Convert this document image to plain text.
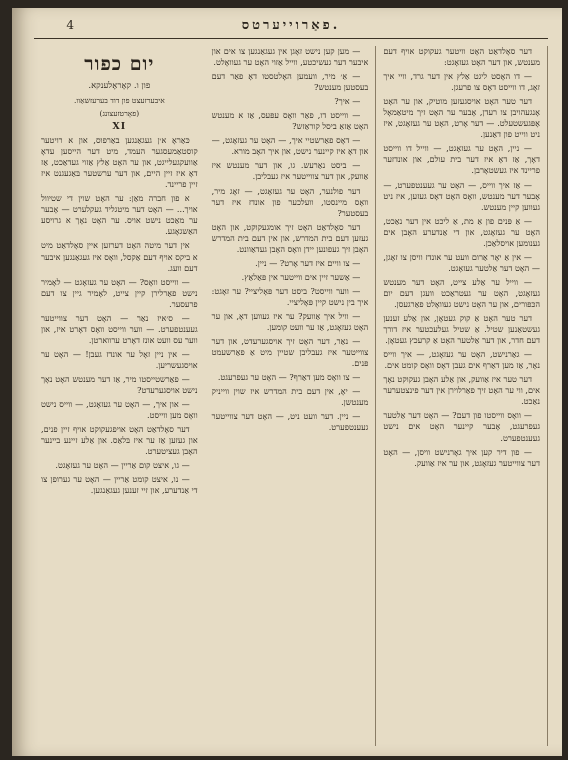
4	פאַרוייערטס.
יום כפור
פון ו. קאָראָלענקא.
איבערזעצט פון דוד בערעזשאַוו.
(פאָרטזעצונג)
XI

כּאַראָ א׳ן געגאַנגען באַרפוס, און א רויטער קוסטאַמעסגער העמד, מיט דער הייסען עדאָ אַוועקגעלייגט, און ער האָט אַלץ אַזוי געדאַכט, אַז דאָ איז זיין היים, און דער ערשטער בּאַגעגנט איז זיין פריינד.

א פון חברה מאַן: ער האָט שוין די שטיוול אויך... — האָט דער מיטגליד געקלערט — אָבער ער מאַכט נישט אויס. ער האָט נאָך א גרויסע האַשגאָגע.

אין דער מיטה האָט דערזען איין סאָלדאַט מיט א ביקס אויף דעם אַקסל, וואָס איז געגאַנגען איבער דעם וועג.

— ווייסט וואָס? — האָט ער געזאָגט — לאָמיר נישט פאַרלירן קיין צייט, לאָמיר גיין צו דעם פרעסער.

— ס׳איז נאַר — האָט דער צווייטער געענטפערט. — ווער ווייסט וואָס דאָרט איז, און ווער עס וועט אונז דאָרט ערווארטן.

— אין ניין זאָל ער אונדז געבן! — האָט ער אויסגעשריען.

— פאַרשטייסטו מיר, אַז דער מענטש האָט נאָך נישט אויסגערעדט?

— און איך, — האָט ער געזאָגט, — ווייס נישט וואָס מען ווייסט.

דער סאָלדאַט האָט אויפגעקוקט אויף זיין פנים, און געזען אַז ער איז בּלאַס. און אַלע זיינע ביינער האָבן געציטערט.

— גו, איצט קום אַריין — האָט ער געזאָגט.

— נו, איצט קומט אַריין — האָט ער גערופן צו די אַנדערע, און זיי זענען געגאַנגען.

— מען קען נישט זאָגן אין געגאַנגען צו אים און איבער דער געשיכטע, ווייל אַזוי האָט ער געוואָלט.

— אַ׳ מיר, וועמען האָלטסטו דאָ פאַר דעם בעסטען מענטש?

— איך?

— ווייסט דו, פאַר וואָס עפּעס, אַז א מענטש האָט אַזאַ ביסל קוראַזש?

— דאָס פאַרשטיי איך, — האָט ער געזאָגט, — און דאָ איז קיינער נישט, און איך האָב מורא.

— ביסט נאַרעש. גו, און דער מענטש איז אַוועק, און דער צווייטער איז געבליבן.

דער פולנער, האָט ער געזאָגט, — זאָג מיר, וואָס מיינסטו, וועלכער פון אונדז איז דער בעסטער?

דער סאָלדאַט האָט זיך אומגעקוקט, און האָט געזען דעם בית המדרש, און אין דעם בית המדרש האָבן זיך געפונען יידן וואָס האָבן געדאַוונט.

— צו וויים איז דער אָרט? — ניין.

— אַשער זיין אים ווייטער אין פּאַלאַץ.

— ווער ווייסט? ביסט דער פּאָליציי? ער זאָגט: איך בין נישט קיין פּאָליציי.

— וויל איך אַוועק? ער איז געווען דאָ, און ער האָט געזאָגט, אַז ער וועט קומען.

— נאַר, דער האָט זיך אויסגערעדט, און דער צווייטער איז געבליבן שטיין מיט אַ פאַרשעמט פּנים.

— צו וואָס מען דאַרף? — האָט ער געפרעגט.

— יאָ, אין דעם בית המדרש איז שוין ווייניק מענטשן.

— ניין. דער וועט ניט, — האָט דער צווייטער געענטפערט.

דער סאָלדאַט האָט וויטער געקוקט אויף דעם מענטש, און דער האָט געזאָגט:

— דו האָסט ליגט אַלץ אין דער גרד, וויי איך זאָג, דו ווייסט דאָס צו פרעגן.

דער טער האָט אויסגעזען מוטיק, און ער האָט אָנגעהויבן צו רעדן, אָבער ער האָט זיך מיטאַמאָל אָפּגעשטעלט. — דער אָרט, האָט ער געזאָגט, איז ניט ווייט פון דאַנען.

— ניין, האָט ער געזאָגט, — ווייל דו ווייסט דאָך, אַז דאָ איז דער בית עולם, און אונדזער פריינד איז געשטאָרבן.

— אַז איך ווייס, — האָט ער געענטפערט, — אָבער דער מענטש, וואָס האָט דאָס געזען, איז ניט געווען קיין מענטש.

— אַ פּנים פון אַ מת, אַ ליכט אין דער נאַכט, האָט ער געזאָגט, און די אַנדערע האָבן אים גענומען אויסלאַכן.

— אין אַ יאָר אַרום וועט ער אונדז וויסן צו זאָגן, — האָט דער אַלטער געזאָגט.

— ווייל ער אַלע צייט, האָט דער מענטש געזאָגט, האָט ער געטראַכט וועגן דעם יום הכּפּורים, און ער האָט נישט געוואָלט פאַרגעסן.

דער טער האָט אַ קוק געטאָן, און אַלע זענען געשטאַנען שטיל. אַ שטיל געלעכטער איז דורך דעם חדר, און דער אַלטער האָט אַ קרעכץ געטאָן.

— גאַרנישט, האָט ער געזאָגט, — איך ווייס נאָר, אַז מען דאַרף אים געבן דאָס וואָס קומט אים.

דער טער איז אַוועק, און אַלע האָבן געקוקט נאָך אים, ווי ער האָט זיך פאַרלוירן אין דער פינצטערער נאַכט.

— וואָס ווייסטו פון דעם? — האָט דער אַלטער געפרעגט, אָבער קיינער האָט אים נישט געענטפערט.

— פון דיר קען איך גאָרנישט וויסן, — האָט דער צווייטער געזאָגט, און ער איז אַוועק.
